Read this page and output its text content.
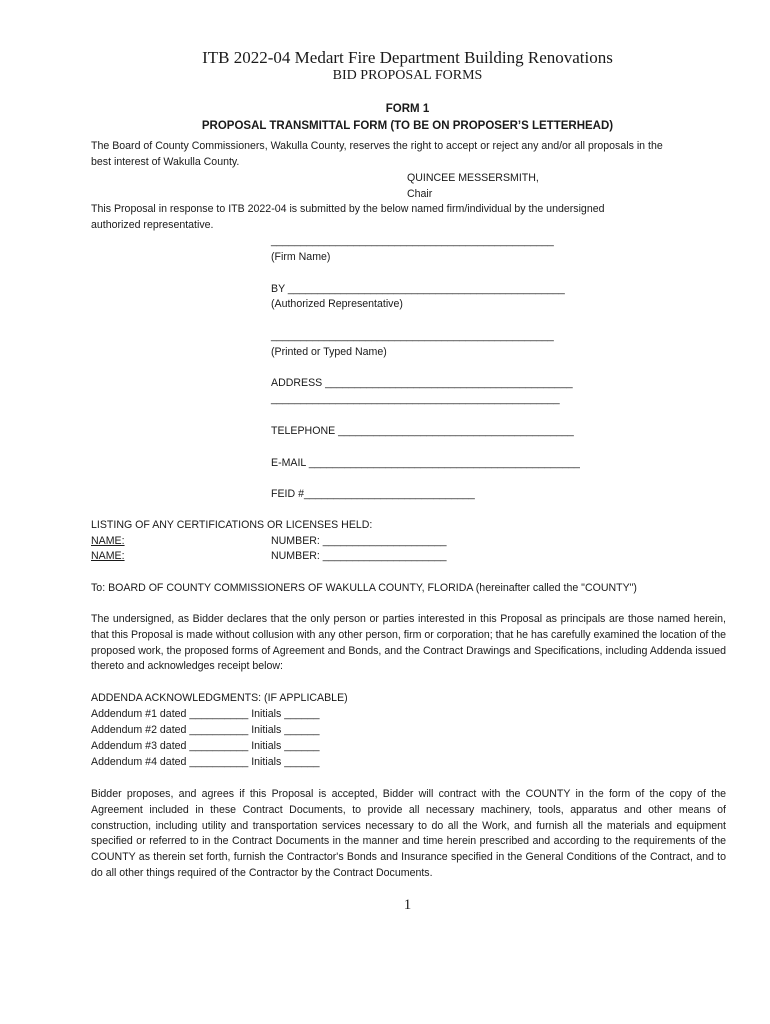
ITB 2022-04 Medart Fire Department Building Renovations
BID PROPOSAL FORMS
FORM 1
PROPOSAL TRANSMITTAL FORM (TO BE ON PROPOSER’S LETTERHEAD)
The Board of County Commissioners, Wakulla County, reserves the right to accept or reject any and/or all proposals in the
best interest of Wakulla County.
QUINCEE MESSERSMITH,
Chair
This Proposal in response to ITB 2022-04 is submitted by the below named firm/individual by the undersigned
authorized representative.
________________________________________________
(Firm Name)
BY _______________________________________________
(Authorized Representative)
________________________________________________
(Printed or Typed Name)
ADDRESS __________________________________________
_________________________________________________
TELEPHONE ________________________________________
E-MAIL ______________________________________________
FEID #_____________________________
LISTING OF ANY CERTIFICATIONS OR LICENSES HELD:
NAME:	NUMBER: _____________________
NAME:	NUMBER: _____________________
To: BOARD OF COUNTY COMMISSIONERS OF WAKULLA COUNTY, FLORIDA (hereinafter called the "COUNTY")
The undersigned, as Bidder declares that the only person or parties interested in this Proposal as principals are those named herein, that this Proposal is made without collusion with any other person, firm or corporation; that he has carefully examined the location of the proposed work, the proposed forms of Agreement and Bonds, and the Contract Drawings and Specifications, including Addenda issued thereto and acknowledges receipt below:
ADDENDA ACKNOWLEDGMENTS: (IF APPLICABLE)
Addendum #1 dated __________ Initials ______
Addendum #2 dated __________ Initials ______
Addendum #3 dated __________ Initials ______
Addendum #4 dated __________ Initials ______
Bidder proposes, and agrees if this Proposal is accepted, Bidder will contract with the COUNTY in the form of the copy of the Agreement included in these Contract Documents, to provide all necessary machinery, tools, apparatus and other means of construction, including utility and transportation services necessary to do all the Work, and furnish all the materials and equipment specified or referred to in the Contract Documents in the manner and time herein prescribed and according to the requirements of the COUNTY as therein set forth, furnish the Contractor's Bonds and Insurance specified in the General Conditions of the Contract, and to do all other things required of the Contractor by the Contract Documents.
1
